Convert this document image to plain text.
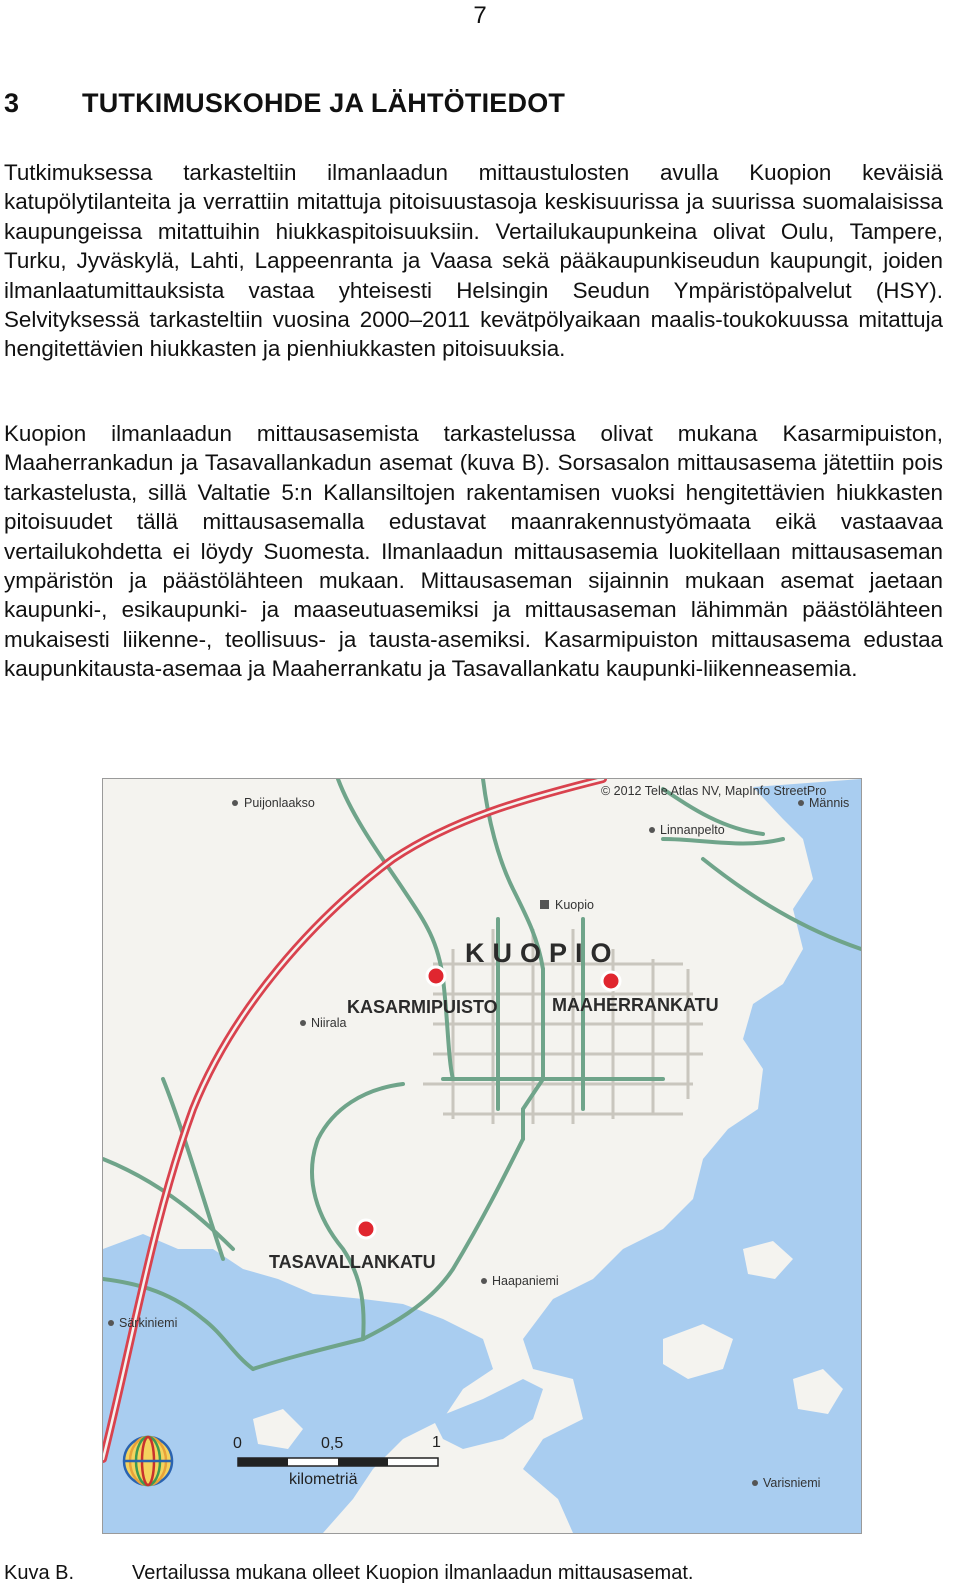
7
3 TUTKIMUSKOHDE JA LÄHTÖTIEDOT

Tutkimuksessa tarkasteltiin ilmanlaadun mittaustulosten avulla Kuopion keväisiä katupölytilanteita ja verrattiin mitattuja pitoisuustasoja keskisuurissa ja suurissa suomalaisissa kaupungeissa mitattuihin hiukkaspitoisuuksiin. Vertailukaupunkeina olivat Oulu, Tampere, Turku, Jyväskylä, Lahti, Lappeenranta ja Vaasa sekä pääkaupunkiseudun kaupungit, joiden ilmanlaatumittauksista vastaa yhteisesti Helsingin Seudun Ympäristöpalvelut (HSY). Selvityksessä tarkasteltiin vuosina 2000–2011 kevätpölyaikaan maalis-toukokuussa mitattuja hengitettävien hiukkasten ja pienhiukkasten pitoisuuksia.

Kuopion ilmanlaadun mittausasemista tarkastelussa olivat mukana Kasarmipuiston, Maaherrankadun ja Tasavallankadun asemat (kuva B). Sorsasalon mittausasema jätettiin pois tarkastelusta, sillä Valtatie 5:n Kallansiltojen rakentamisen vuoksi hengitettävien hiukkasten pitoisuudet tällä mittausasemalla edustavat maanrakennustyömaata eikä vastaavaa vertailukohdetta ei löydy Suomesta. Ilmanlaadun mittausasemia luokitellaan mittausaseman ympäristön ja päästölähteen mukaan. Mittausaseman sijainnin mukaan asemat jaetaan kaupunki-, esikaupunki- ja maaseutuasemiksi ja mittausaseman lähimmän päästölähteen mukaisesti liikenne-, teollisuus- ja tausta-asemiksi. Kasarmipuiston mittausasema edustaa kaupunkitausta-asemaa ja Maaherrankatu ja Tasavallankatu kaupunki-liikenneasemia.

© 2012 Tele Atlas NV, MapInfo StreetPro
Puijonlaakso	Männis
Linnanpelto
Kuopio
Niirala
Haapaniemi
Särkiniemi
Varisniemi
KUOPIO
KASARMIPUISTO	MAAHERRANKATU
TASAVALLANKATU
0	0,5	1
kilometriä
Kuva B.	Vertailussa mukana olleet Kuopion ilmanlaadun mittausasemat.
